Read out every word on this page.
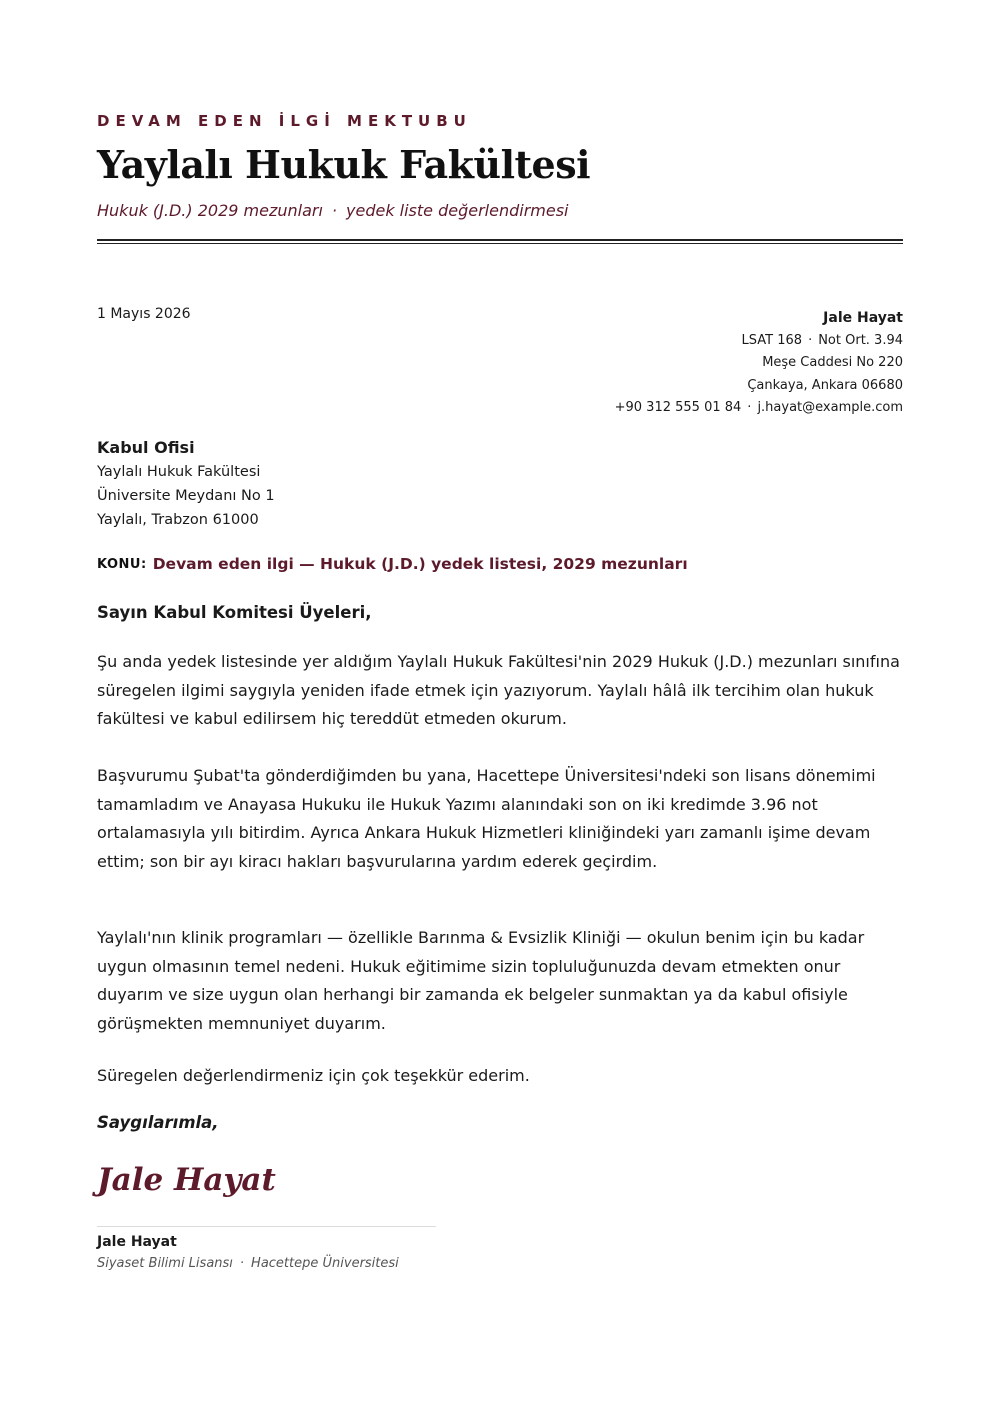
DEVAM EDEN İLGİ MEKTUBU
Yaylalı Hukuk Fakültesi
Hukuk (J.D.) 2029 mezunları · yedek liste değerlendirmesi
1 Mayıs 2026	Jale Hayat
LSAT 168 · Not Ort. 3.94
Meşe Caddesi No 220
Çankaya, Ankara 06680
+90 312 555 01 84 · j.hayat@example.com
Kabul Ofisi
Yaylalı Hukuk Fakültesi
Üniversite Meydanı No 1
Yaylalı, Trabzon 61000
KONU: Devam eden ilgi — Hukuk (J.D.) yedek listesi, 2029 mezunları
Sayın Kabul Komitesi Üyeleri,

Şu anda yedek listesinde yer aldığım Yaylalı Hukuk Fakültesi'nin 2029 Hukuk (J.D.) mezunları sınıfına süregelen ilgimi saygıyla yeniden ifade etmek için yazıyorum. Yaylalı hâlâ ilk tercihim olan hukuk fakültesi ve kabul edilirsem hiç tereddüt etmeden okurum.

Başvurumu Şubat'ta gönderdiğimden bu yana, Hacettepe Üniversitesi'ndeki son lisans dönemimi tamamladım ve Anayasa Hukuku ile Hukuk Yazımı alanındaki son on iki kredimde 3.96 not ortalamasıyla yılı bitirdim. Ayrıca Ankara Hukuk Hizmetleri kliniğindeki yarı zamanlı işime devam ettim; son bir ayı kiracı hakları başvurularına yardım ederek geçirdim.

Yaylalı'nın klinik programları — özellikle Barınma & Evsizlik Kliniği — okulun benim için bu kadar uygun olmasının temel nedeni. Hukuk eğitimime sizin topluluğunuzda devam etmekten onur duyarım ve size uygun olan herhangi bir zamanda ek belgeler sunmaktan ya da kabul ofisiyle görüşmekten memnuniyet duyarım.

Süregelen değerlendirmeniz için çok teşekkür ederim.

Saygılarımla,
Jale Hayat
Jale Hayat
Siyaset Bilimi Lisansı · Hacettepe Üniversitesi
